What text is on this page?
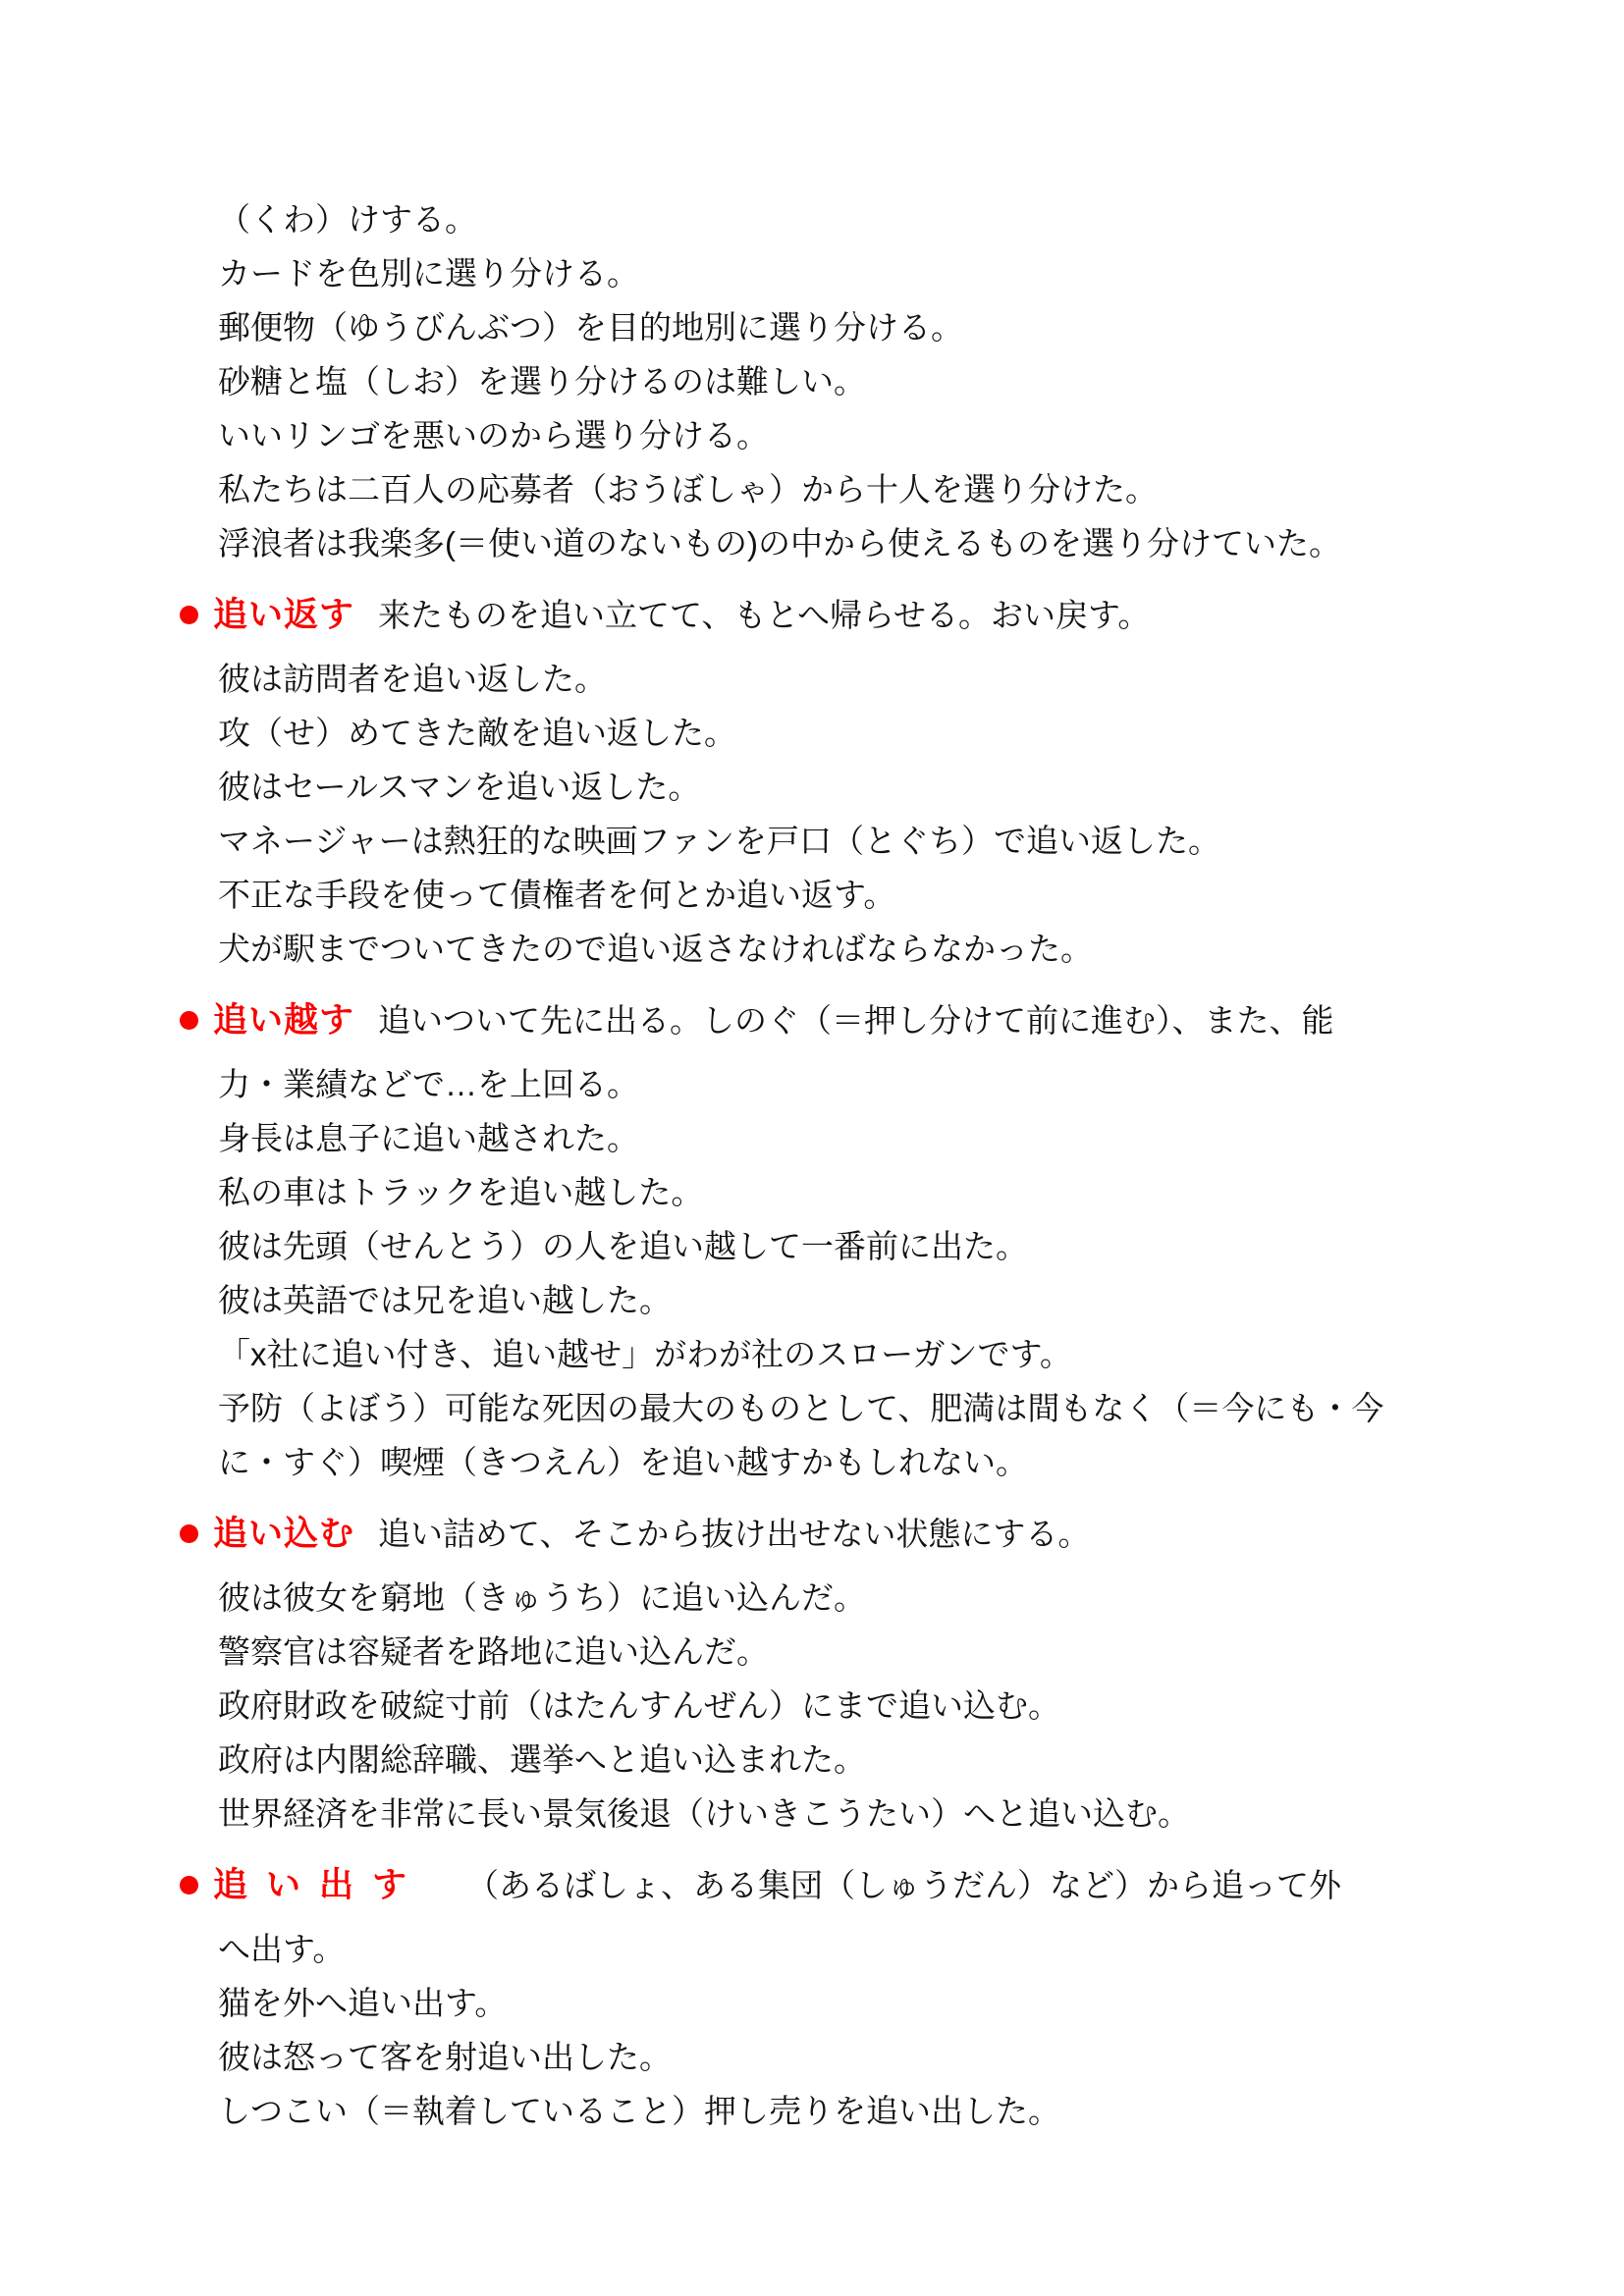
（くわ）けする。

カードを色別に選り分ける。

郵便物（ゆうびんぶつ）を目的地別に選り分ける。

砂糖と塩（しお）を選り分けるのは難しい。

いいリンゴを悪いのから選り分ける。

私たちは二百人の応募者（おうぼしゃ）から十人を選り分けた。

浮浪者は我楽多(＝使い道のないもの)の中から使えるものを選り分けていた。

追い返す 来たものを追い立てて、もとへ帰らせる。おい戻す。

彼は訪問者を追い返した。

攻（せ）めてきた敵を追い返した。

彼はセールスマンを追い返した。

マネージャーは熱狂的な映画ファンを戸口（とぐち）で追い返した。

不正な手段を使って債権者を何とか追い返す。

犬が駅までついてきたので追い返さなければならなかった。

追い越す 追いついて先に出る。しのぐ（＝押し分けて前に進む）、また、能

力・業績などで…を上回る。

身長は息子に追い越された。

私の車はトラックを追い越した。

彼は先頭（せんとう）の人を追い越して一番前に出た。

彼は英語では兄を追い越した。

「x社に追い付き、追い越せ」がわが社のスローガンです。

予防（よぼう）可能な死因の最大のものとして、肥満は間もなく（＝今にも・今

に・すぐ）喫煙（きつえん）を追い越すかもしれない。

追い込む 追い詰めて、そこから抜け出せない状態にする。

彼は彼女を窮地（きゅうち）に追い込んだ。

警察官は容疑者を路地に追い込んだ。

政府財政を破綻寸前（はたんすんぜん）にまで追い込む。

政府は内閣総辞職、選挙へと追い込まれた。

世界経済を非常に長い景気後退（けいきこうたい）へと追い込む。

追い出す （あるばしょ、ある集団（しゅうだん）など）から追って外

へ出す。

猫を外へ追い出す。

彼は怒って客を射追い出した。

しつこい（＝執着していること）押し売りを追い出した。
